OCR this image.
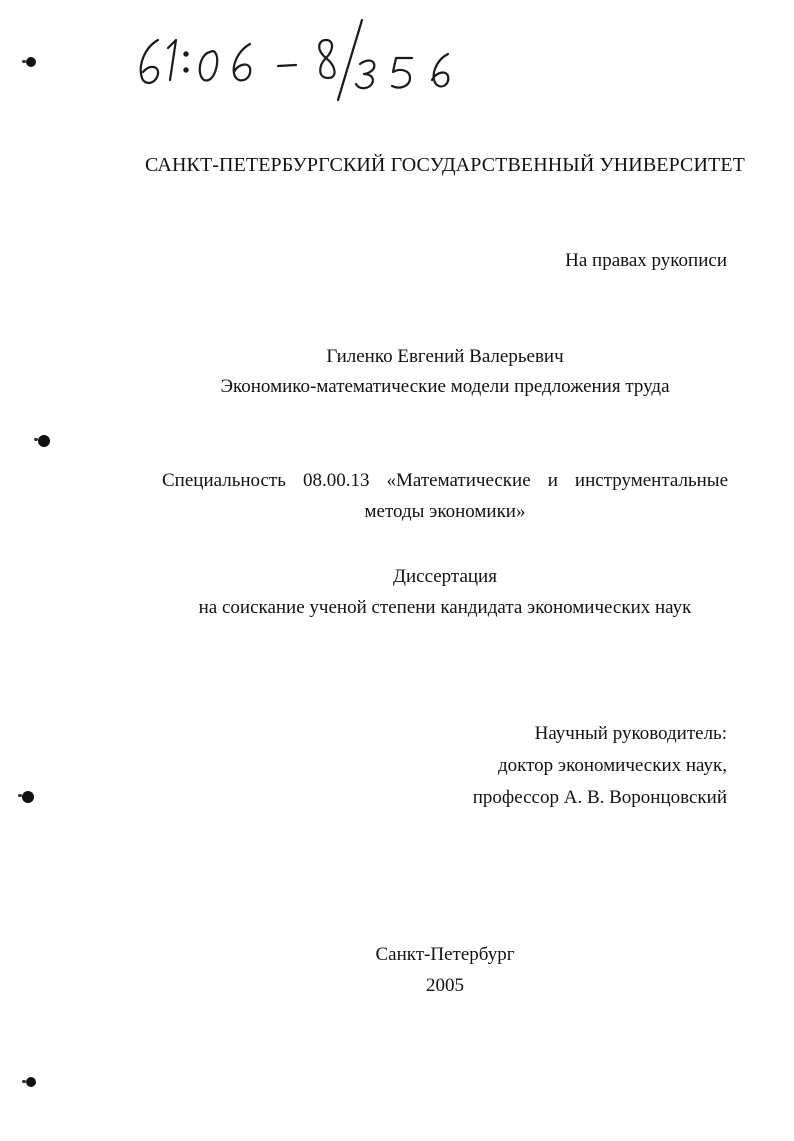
САНКТ-ПЕТЕРБУРГСКИЙ ГОСУДАРСТВЕННЫЙ УНИВЕРСИТЕТ
На правах рукописи
Гиленко Евгений Валерьевич
Экономико-математические модели предложения труда
Специальность 08.00.13 «Математические и инструментальные
методы экономики»
Диссертация
на соискание ученой степени кандидата экономических наук
Научный руководитель:
доктор экономических наук,
профессор А. В. Воронцовский
Санкт-Петербург
2005
